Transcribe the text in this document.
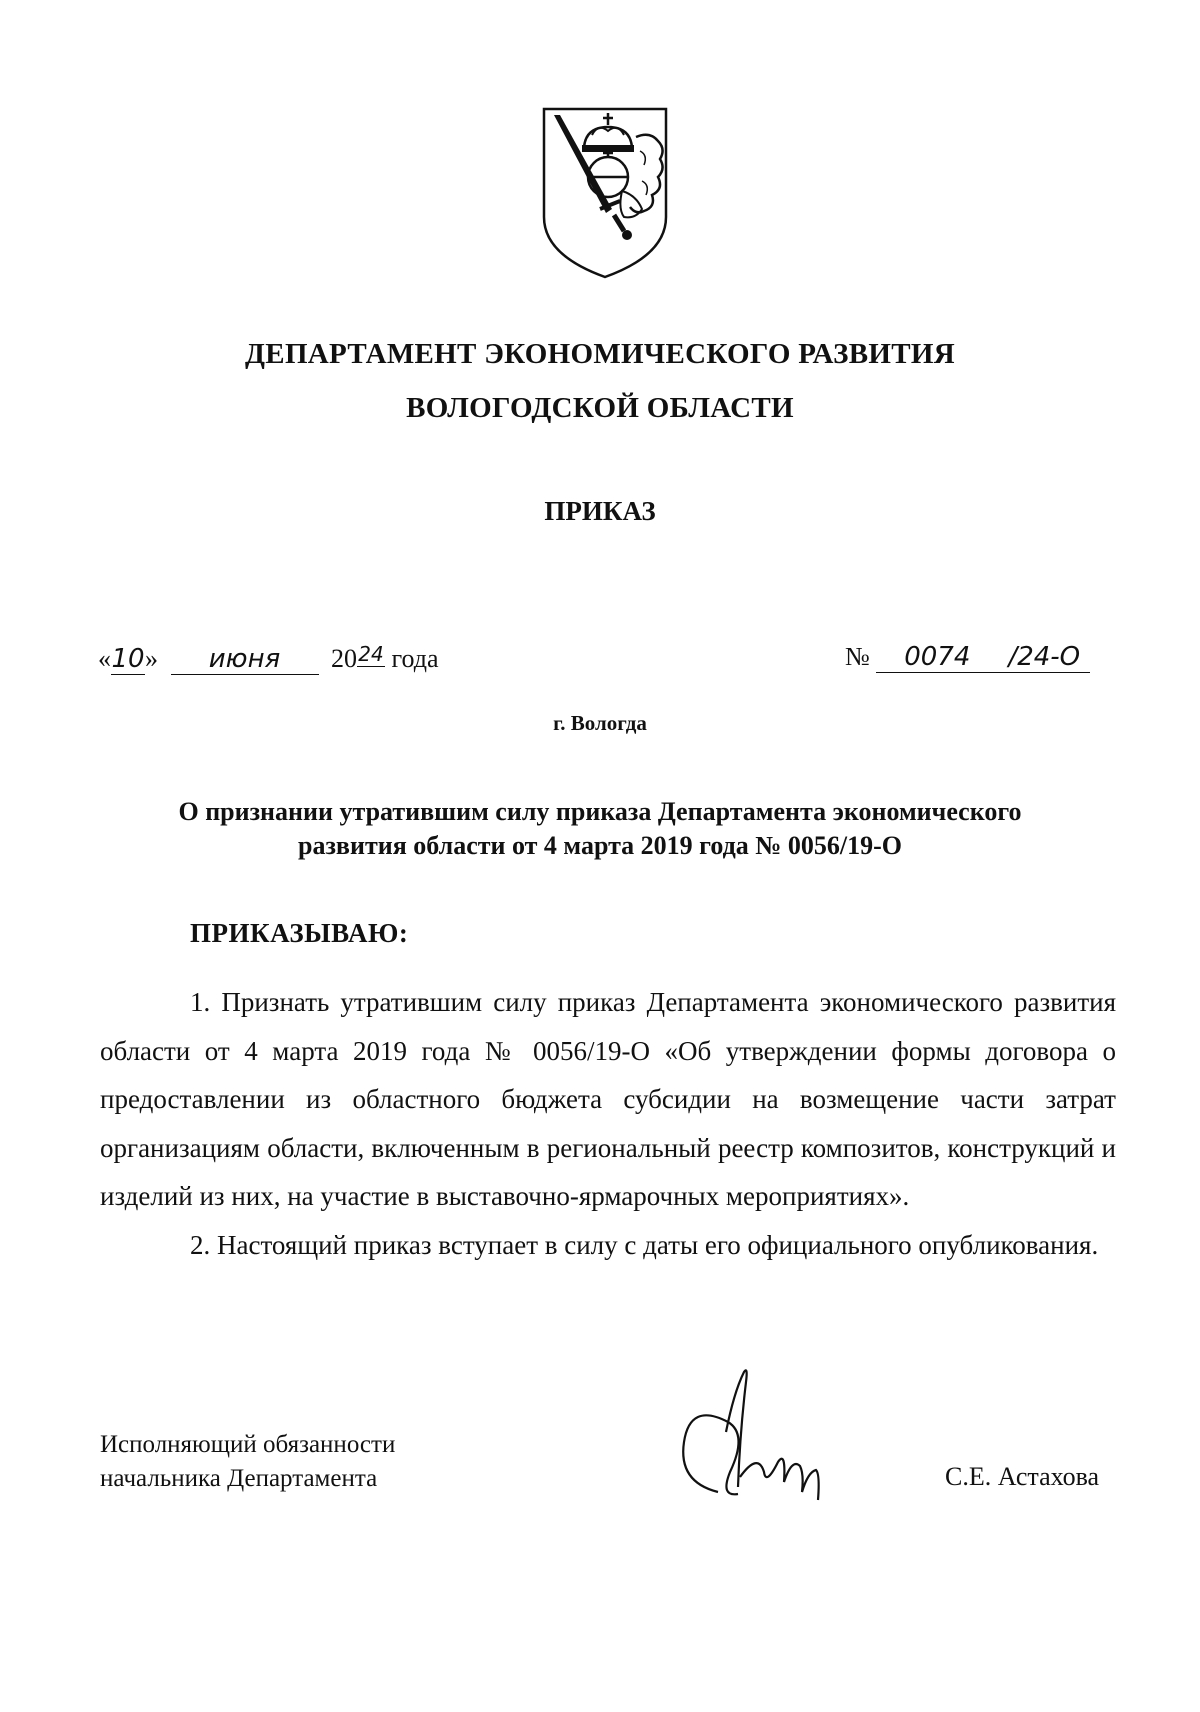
ДЕПАРТАМЕНТ ЭКОНОМИЧЕСКОГО РАЗВИТИЯ
ВОЛОГОДСКОЙ ОБЛАСТИ
ПРИКАЗ
«10» июня 2024 года	№ 0074 /24-О
г. Вологда
О признании утратившим силу приказа Департамента экономического
развития области от 4 марта 2019 года № 0056/19-О
ПРИКАЗЫВАЮ:

1. Признать утратившим силу приказ Департамента экономического развития области от 4 марта 2019 года № 0056/19-О «Об утверждении формы договора о предоставлении из областного бюджета субсидии на возмещение части затрат организациям области, включенным в региональный реестр композитов, конструкций и изделий из них, на участие в выставочно-ярмарочных мероприятиях».

2. Настоящий приказ вступает в силу с даты его официального опубликования.

Исполняющий обязанности
начальника Департамента	С.Е. Астахова
